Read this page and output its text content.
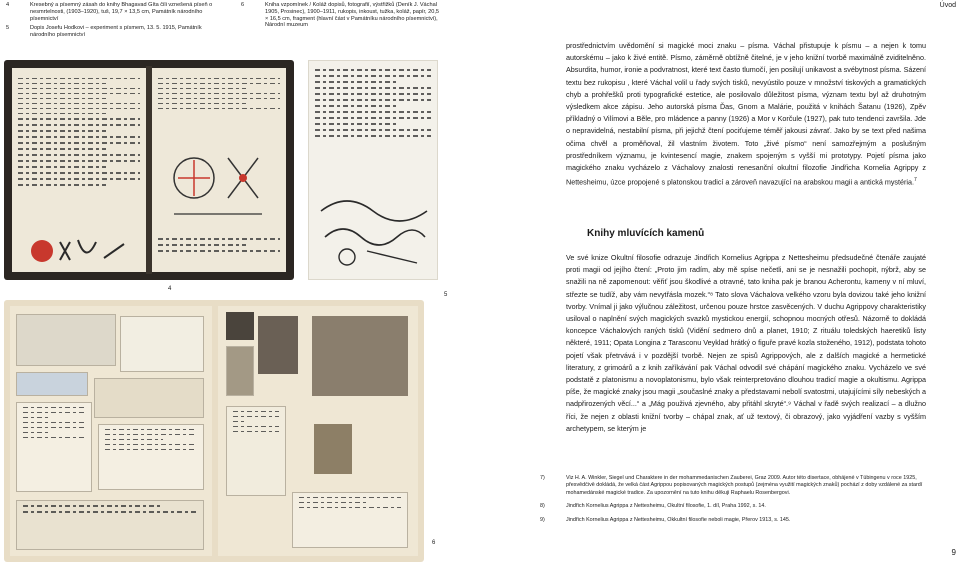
4	Kresebný a písemný zásah do knihy Bhagavad Gíta čili vznešená píseň o nesmrtelnosti, (1903–1920), tuš, 19,7 × 13,5 cm, Památník národního písemnictví
5	Dopis Josefu Hodkovi – experiment s písmem, 13. 5. 1915, Památník národního písemnictví
6	Kniha vzpomínek / Koláž dopisů, fotografií, výstřižků (Deník J. Váchal 1905, Prosinec), 1900–1911, rukopis, inkoust, tužka, koláž, papír, 20,5 × 16,5 cm, fragment (hlavní část v Památníku národního písemnictví), Národní muzeum
Úvod
4
5
6
prostřednictvím uvědomění si magické moci znaku – písma. Váchal přistupuje k písmu – a nejen k tomu autorskému – jako k živé entitě. Písmo, záměrně obtížně čitelné, je v jeho knižní tvorbě maximálně zviditelněno. Absurdita, humor, ironie a podvratnost, které text často tlumočí, jen posilují unikavost a svébytnost písma. Sázení textu bez rukopisu , které Váchal volil u řady svých tisků, nevyústilo pouze v množství tiskových a gramatických chyb a prohřešků proti typografické estetice, ale posilovalo důležitost písma, význam textu byl až druhotným výsledkem akce zápisu. Jeho autorská písma Ďas, Gnom a Malárie, použitá v knihách Šatanu (1926), Zpěv příkladný o Vilímovi a Běle, pro mládence a panny (1926) a Mor v Korčule (1927), pak tuto tendenci završila. Jde o nepravidelná, nestabilní písma, při jejichž čtení pociťujeme téměř jakousi závrať. Jako by se text před našima očima chvěl a proměňoval, žil vlastním životem. Toto „živé písmo“ není samozřejmým a poslušným prostředníkem významu, je kvintesencí magie, znakem spojeným s vyšší mi prototypy. Pojetí písma jako magického znaku vycházelo z Váchalovy znalosti renesanční okultní filozofie Jindřicha Kornelia Agrippy z Nettesheimu, úzce propojené s platonskou tradicí a zároveň navazující na arabskou magii a antická mystéria.$^7$
Knihy mluvících kamenů
Ve své knize Okultní filosofie odrazuje Jindřich Kornelius Agrippa z Nettesheimu předsudečné čtenáře zaujaté proti magii od jejího čtení: „Proto jim radím, aby mě spíse nečetli, ani se je nesnažili pochopit, nýbrž, aby se snažili na ně zapomenout: věřiť jsou škodlivé a otravné, tato kniha pak je branou Acherontu, kameny v ní mluví, střezte se tudíž, aby vám nevytřásla mozek.“⁸ Tato slova Váchalova velkého vzoru byla dovizou také jeho knižní tvorby. Vnímal ji jako výlučnou záležitost, určenou pouze hrstce zasvěcených. V duchu Agrippovy charakteristiky usiloval o naplnění svých magických svazků mystickou energií, schopnou mocných otřesů. Názorně to dokládá koncepce Váchalových raných tisků (Vidění sedmero dnů a planet, 1910; Z rituálu toledských haeretiků listy některé, 1911; Opata Longina z Tarasconu Veyklad hrátký o figuře pravé kozla stoženého, 1912), podstata tohoto pojetí však přetrvává i v pozdější tvorbě. Nejen ze spisů Agrippových, ale z dalších magické a hermetické literatury, z grimoárů a z knih zaříkávání pak Váchal odvodil své chápání magického znaku. Vycházelo ve své podstatě z platonismu a novoplatonismu, bylo však reinterpretováno dlouhou tradicí magie a okultismu. Agrippa píše, že magické znaky jsou magii „současlné znaky a představami nebolí svatostmi, utajujícími síly nebeských a nadpřirozených věcí...“ a „Mág použivá zjevného, aby přitáhl skryté“.⁹ Váchal v řadě svých realizací – a dlužno říci, že nejen z oblasti knižní tvorby – chápal znak, ať už textový, či obrazový, jako vyjádření vazby s vyšším archetypem, se kterým je
7)	Viz H. A. Winkler, Siegel und Charaktere in der mohammedanischen Zauberei, Graz 2009. Autor této disertace, obhájené v Tübingenu v roce 1925, přesvědčivě dokládá, že velká část Agrippou popisovaných magických postupů (zejména využití magických znaků) pochází z doby vzdálené za stardí mohamedánské magické tradice. Za upozornění na tuto knihu děkuji Raphaelu Rosenbergovi.
8)	Jindřich Kornelius Agrippa z Nettesheimu, Okultní filosofie, 1. díl, Praha 1992, s. 14.
9)	Jindřich Kornelius Agrippa z Nettesheimu, Okkultní filosofie neboli magie, Přerov 1913, s. 145.
9
